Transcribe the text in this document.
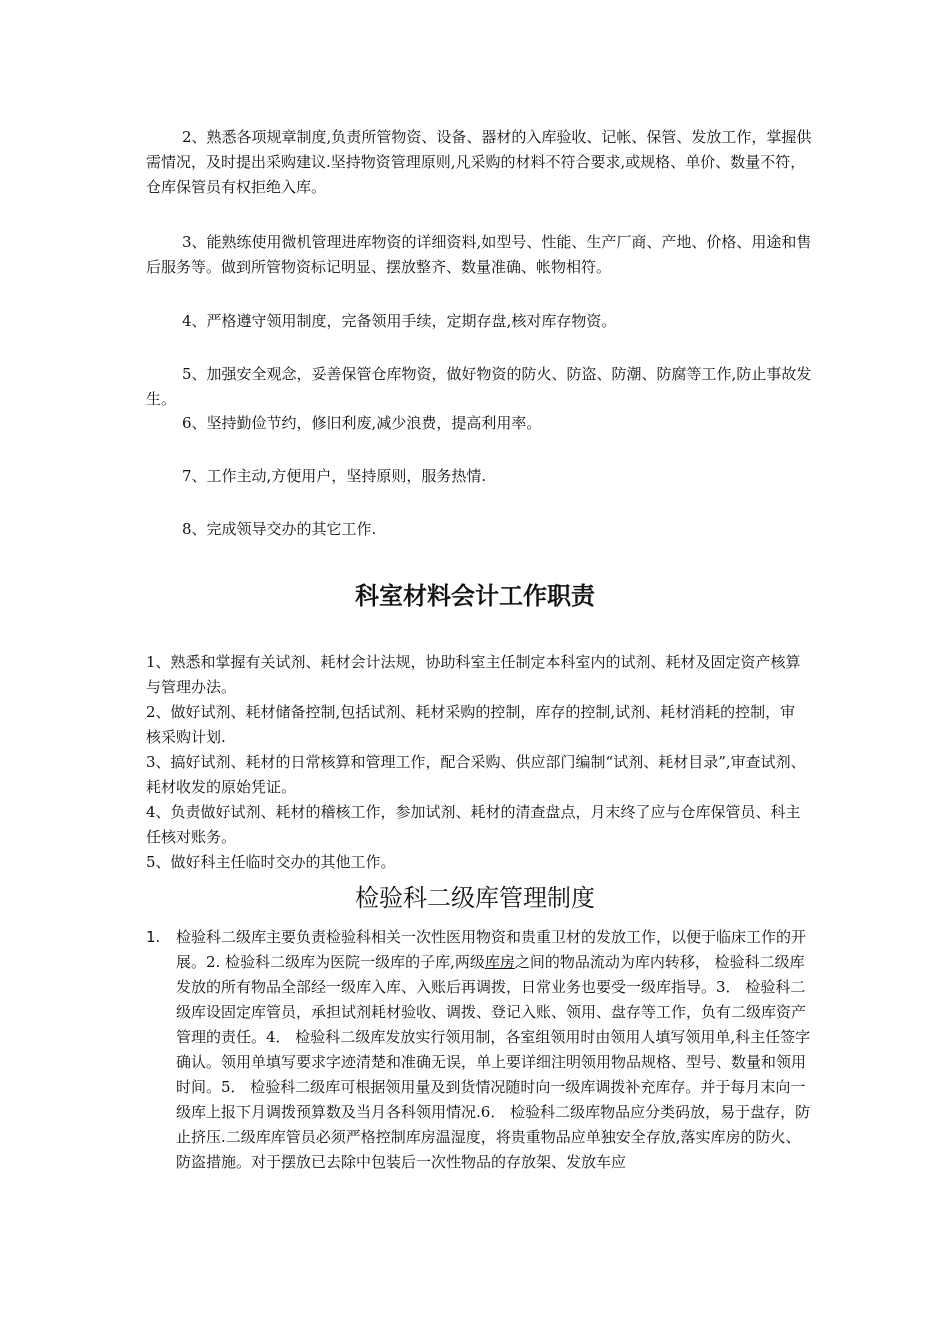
2、熟悉各项规章制度,负责所管物资、设备、器材的入库验收、记帐、保管、发放工作，掌握供需情况，及时提出采购建议.坚持物资管理原则,凡采购的材料不符合要求,或规格、单价、数量不符，仓库保管员有权拒绝入库。

3、能熟练使用微机管理进库物资的详细资料,如型号、性能、生产厂商、产地、价格、用途和售后服务等。做到所管物资标记明显、摆放整齐、数量准确、帐物相符。

4、严格遵守领用制度，完备领用手续，定期存盘,核对库存物资。

5、加强安全观念，妥善保管仓库物资，做好物资的防火、防盗、防潮、防腐等工作,防止事故发生。

6、坚持勤俭节约，修旧利废,减少浪费，提高利用率。

7、工作主动,方便用户，坚持原则，服务热情.

8、完成领导交办的其它工作.

科室材料会计工作职责

1、熟悉和掌握有关试剂、耗材会计法规，协助科室主任制定本科室内的试剂、耗材及固定资产核算与管理办法。

2、做好试剂、耗材储备控制,包括试剂、耗材采购的控制，库存的控制,试剂、耗材消耗的控制，审核采购计划.

3、搞好试剂、耗材的日常核算和管理工作，配合采购、供应部门编制“试剂、耗材目录”,审查试剂、耗材收发的原始凭证。

4、负责做好试剂、耗材的稽核工作，参加试剂、耗材的清查盘点，月末终了应与仓库保管员、科主任核对账务。

5、做好科主任临时交办的其他工作。

检验科二级库管理制度
1. 检验科二级库主要负责检验科相关一次性医用物资和贵重卫材的发放工作，以便于临床工作的开展。2. 检验科二级库为医院一级库的子库,两级库房之间的物品流动为库内转移， 检验科二级库发放的所有物品全部经一级库入库、入账后再调拨，日常业务也要受一级库指导。3． 检验科二级库设固定库管员，承担试剂耗材验收、调拨、登记入账、领用、盘存等工作，负有二级库资产管理的责任。4． 检验科二级库发放实行领用制，各室组领用时由领用人填写领用单,科主任签字确认。领用单填写要求字迹清楚和准确无误，单上要详细注明领用物品规格、型号、数量和领用时间。5． 检验科二级库可根据领用量及到货情况随时向一级库调拨补充库存。并于每月末向一级库上报下月调拨预算数及当月各科领用情况.6． 检验科二级库物品应分类码放，易于盘存，防止挤压.二级库库管员必须严格控制库房温湿度，将贵重物品应单独安全存放,落实库房的防火、防盗措施。对于摆放已去除中包装后一次性物品的存放架、发放车应
